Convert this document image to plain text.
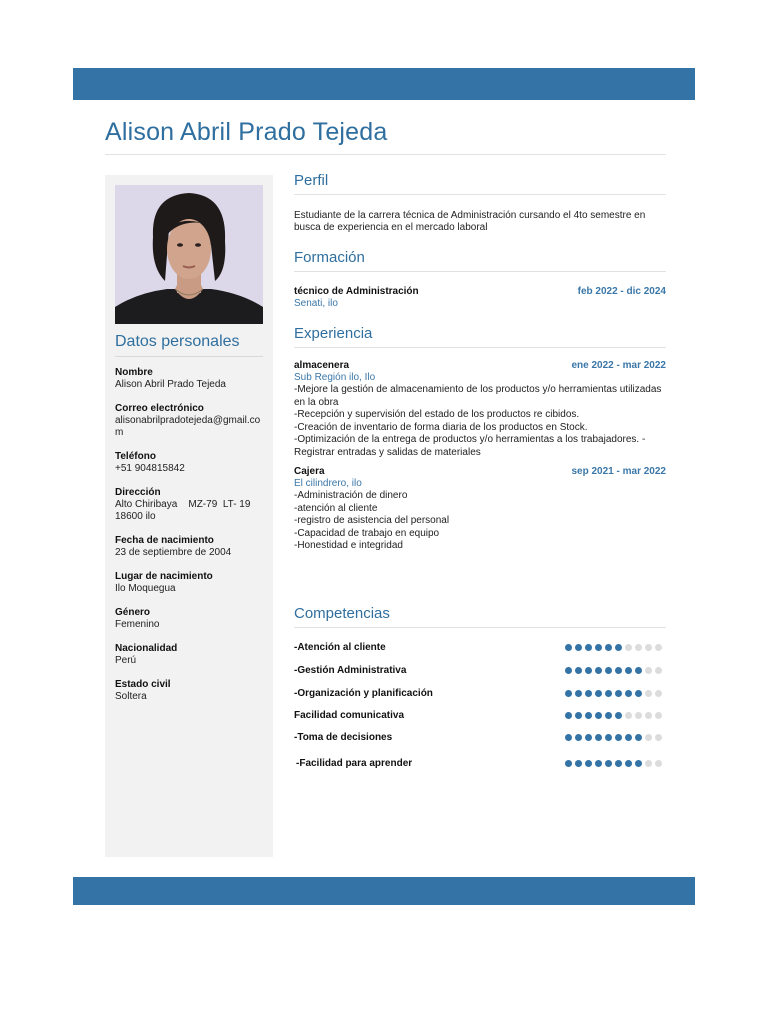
Alison Abril Prado Tejeda
Datos personales
Nombre
Alison Abril Prado Tejeda
Correo electrónico
alisonabrilpradotejeda@gmail.com
Teléfono
+51 904815842
Dirección
Alto Chiribaya    MZ-79  LT- 19 18600 ilo
Fecha de nacimiento
23 de septiembre de 2004
Lugar de nacimiento
Ilo Moquegua
Género
Femenino
Nacionalidad
Perú
Estado civil
Soltera
Perfil
Estudiante de la carrera técnica de Administración cursando el 4to semestre en busca de experiencia en el mercado laboral
Formación
técnico de Administración	feb 2022 - dic 2024
Senati, ilo
Experiencia
almacenera	ene 2022 - mar 2022
Sub Región ilo, Ilo
-Mejore la gestión de almacenamiento de los productos y/o herramientas utilizadas en la obra
-Recepción y supervisión del estado de los productos re cibidos.
-Creación de inventario de forma diaria de los productos en Stock.
-Optimización de la entrega de productos y/o herramientas a los trabajadores. -Registrar entradas y salidas de materiales
Cajera	sep 2021 - mar 2022
El cilindrero, ilo
-Administración de dinero
-atención al cliente
-registro de asistencia del personal
-Capacidad de trabajo en equipo
-Honestidad e integridad
Competencias
-Atención al cliente
-Gestión Administrativa
-Organización y planificación
Facilidad comunicativa
-Toma de decisiones
-Facilidad para aprender
